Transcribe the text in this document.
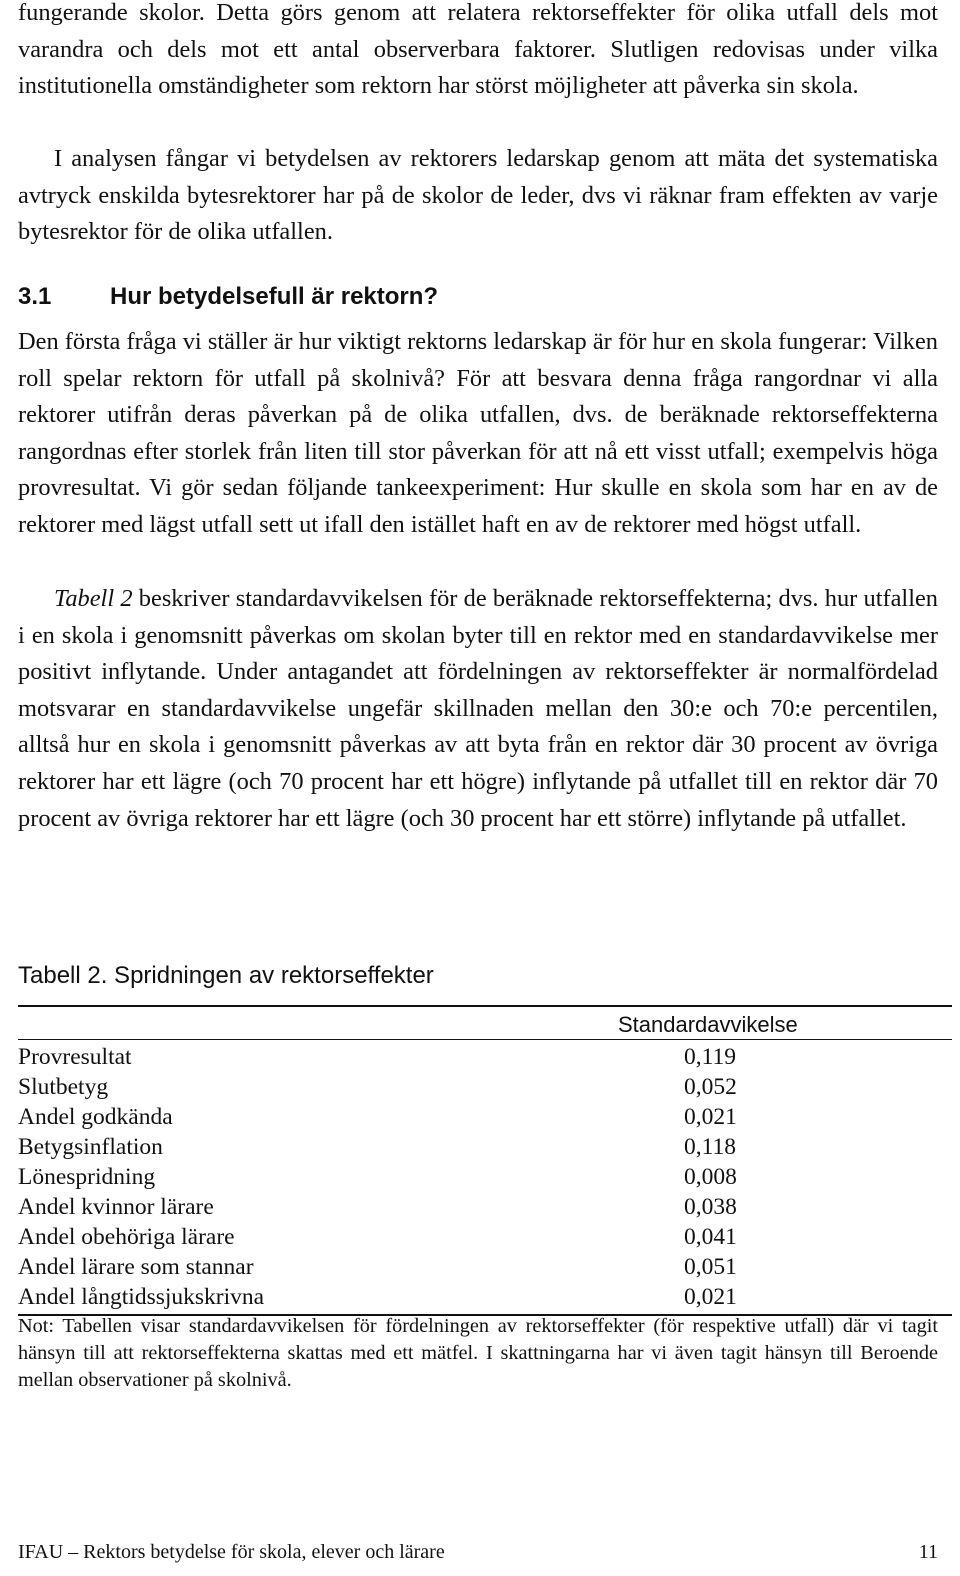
fungerande skolor. Detta görs genom att relatera rektorseffekter för olika utfall dels mot varandra och dels mot ett antal observerbara faktorer. Slutligen redovisas under vilka institutionella omständigheter som rektorn har störst möjligheter att påverka sin skola.

I analysen fångar vi betydelsen av rektorers ledarskap genom att mäta det systematiska avtryck enskilda bytesrektorer har på de skolor de leder, dvs vi räknar fram effekten av varje bytesrektor för de olika utfallen.

3.1 Hur betydelsefull är rektorn?

Den första fråga vi ställer är hur viktigt rektorns ledarskap är för hur en skola fungerar: Vilken roll spelar rektorn för utfall på skolnivå? För att besvara denna fråga rangordnar vi alla rektorer utifrån deras påverkan på de olika utfallen, dvs. de beräknade rektorseffekterna rangordnas efter storlek från liten till stor påverkan för att nå ett visst utfall; exempelvis höga provresultat. Vi gör sedan följande tankeexperiment: Hur skulle en skola som har en av de rektorer med lägst utfall sett ut ifall den istället haft en av de rektorer med högst utfall.

Tabell 2 beskriver standardavvikelsen för de beräknade rektorseffekterna; dvs. hur utfallen i en skola i genomsnitt påverkas om skolan byter till en rektor med en standardavvikelse mer positivt inflytande. Under antagandet att fördelningen av rektorseffekter är normalfördelad motsvarar en standardavvikelse ungefär skillnaden mellan den 30:e och 70:e percentilen, alltså hur en skola i genomsnitt påverkas av att byta från en rektor där 30 procent av övriga rektorer har ett lägre (och 70 procent har ett högre) inflytande på utfallet till en rektor där 70 procent av övriga rektorer har ett lägre (och 30 procent har ett större) inflytande på utfallet.

Tabell 2. Spridningen av rektorseffekter

Standardavvikelse
Provresultat	0,119
Slutbetyg	0,052
Andel godkända	0,021
Betygsinflation	0,118
Lönespridning	0,008
Andel kvinnor lärare	0,038
Andel obehöriga lärare	0,041
Andel lärare som stannar	0,051
Andel långtidssjukskrivna	0,021

Not: Tabellen visar standardavvikelsen för fördelningen av rektorseffekter (för respektive utfall) där vi tagit hänsyn till att rektorseffekterna skattas med ett mätfel. I skattningarna har vi även tagit hänsyn till Beroende mellan observationer på skolnivå.

IFAU – Rektors betydelse för skola, elever och lärare	11
